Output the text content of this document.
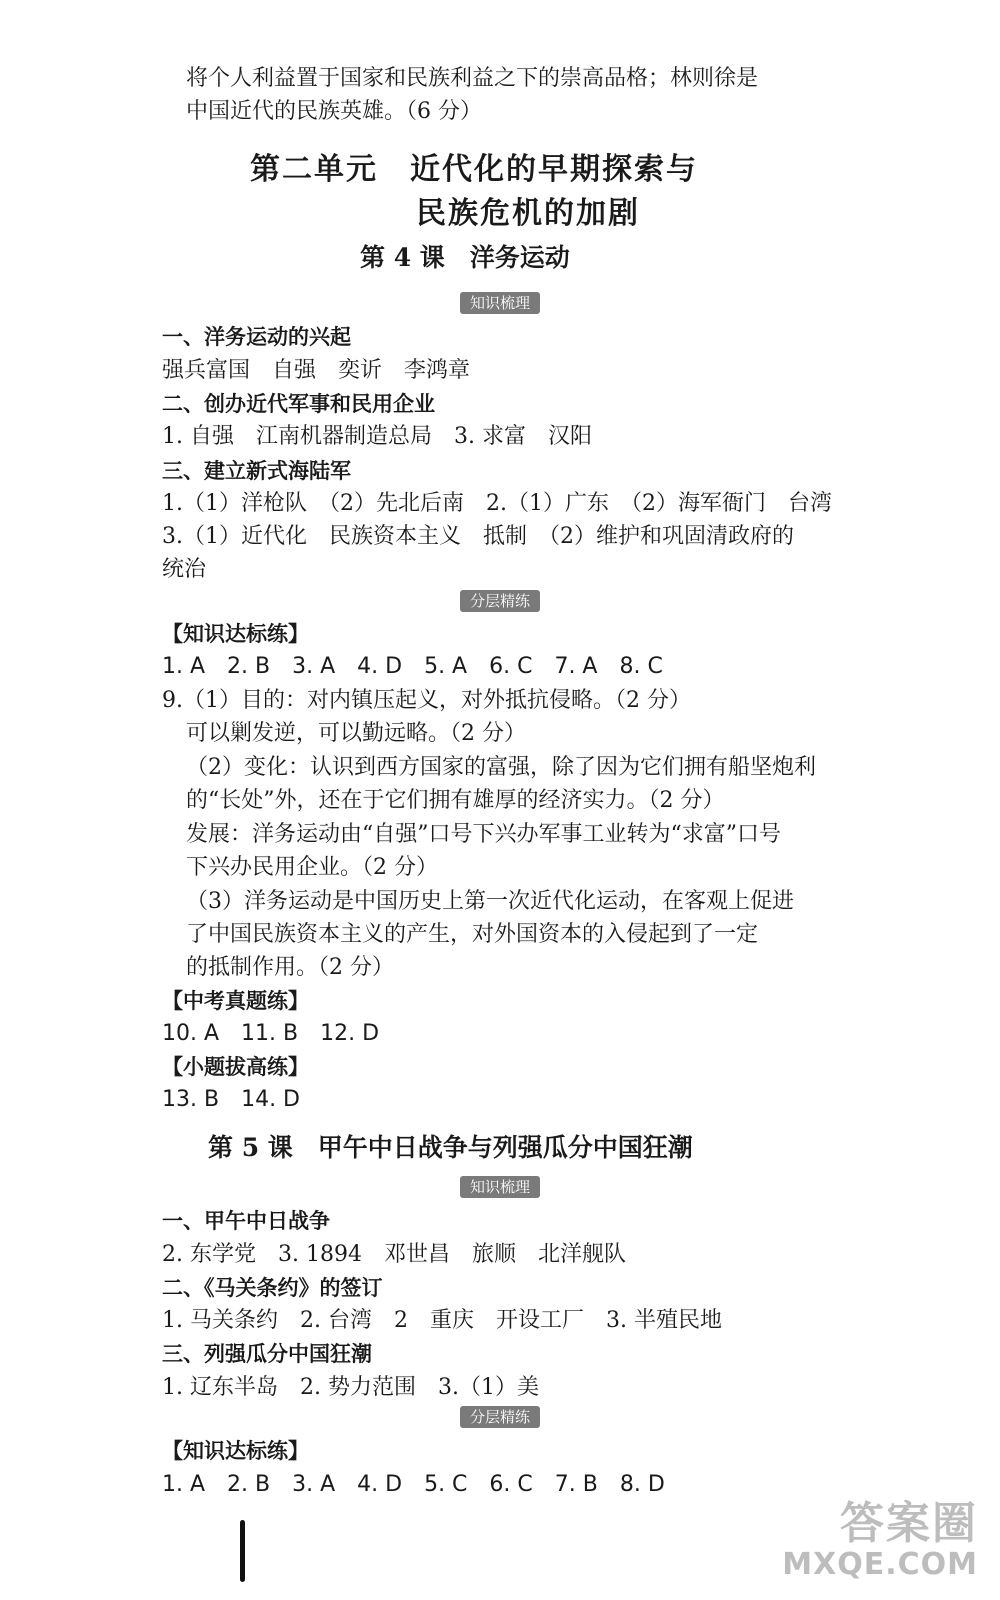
将个人利益置于国家和民族利益之下的崇高品格；林则徐是
中国近代的民族英雄。（6 分）
第二单元　近代化的早期探索与
民族危机的加剧
第 4 课　洋务运动
知识梳理
一、洋务运动的兴起
强兵富国　自强　奕䜣　李鸿章
二、创办近代军事和民用企业
1. 自强　江南机器制造总局　3. 求富　汉阳
三、建立新式海陆军
1.（1）洋枪队　（2）先北后南　2.（1）广东　（2）海军衙门　台湾
3.（1）近代化　民族资本主义　抵制　（2）维护和巩固清政府的
统治
分层精练
【知识达标练】
1. A　2. B　3. A　4. D　5. A　6. C　7. A　8. C
9.（1）目的：对内镇压起义，对外抵抗侵略。（2 分）
可以剿发逆，可以勤远略。（2 分）
（2）变化：认识到西方国家的富强，除了因为它们拥有船坚炮利
的“长处”外，还在于它们拥有雄厚的经济实力。（2 分）
发展：洋务运动由“自强”口号下兴办军事工业转为“求富”口号
下兴办民用企业。（2 分）
（3）洋务运动是中国历史上第一次近代化运动，在客观上促进
了中国民族资本主义的产生，对外国资本的入侵起到了一定
的抵制作用。（2 分）
【中考真题练】
10. A　11. B　12. D
【小题拔高练】
13. B　14. D
第 5 课　甲午中日战争与列强瓜分中国狂潮
知识梳理
一、甲午中日战争
2. 东学党　3. 1894　邓世昌　旅顺　北洋舰队
二、《马关条约》的签订
1. 马关条约　2. 台湾　2　重庆　开设工厂　3. 半殖民地
三、列强瓜分中国狂潮
1. 辽东半岛　2. 势力范围　3.（1）美
分层精练
【知识达标练】
1. A　2. B　3. A　4. D　5. C　6. C　7. B　8. D
答案圈
MXQE.COM
